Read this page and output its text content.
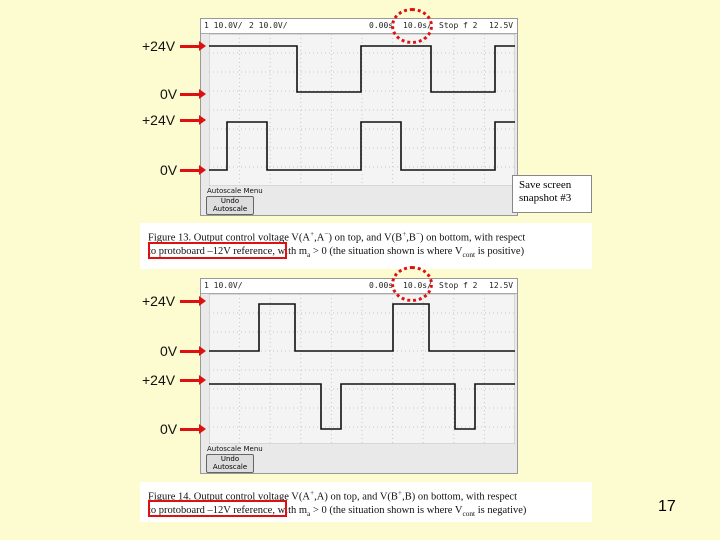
1 10.0V/ 2 10.0V/	0.00s 10.0s/ Stop f 2 12.5V
Autoscale Menu
Undo
Autoscale
+24V
0V
+24V
0V
Save screen
snapshot #3
Figure 13. Output control voltage V(A+,A−) on top, and V(B+,B−) on bottom, with respect
to protoboard –12V reference, with $m_a > 0$ (the situation shown is where $V_{cont}$ is positive)
1 10.0V/	0.00s 10.0s/ Stop f 2 12.5V
Autoscale Menu
Undo
Autoscale
+24V
0V
+24V
0V
Figure 14. Output control voltage V(A+,A) on top, and V(B+,B) on bottom, with respect
to protoboard –12V reference, with $m_a > 0$ (the situation shown is where $V_{cont}$ is negative)	17
